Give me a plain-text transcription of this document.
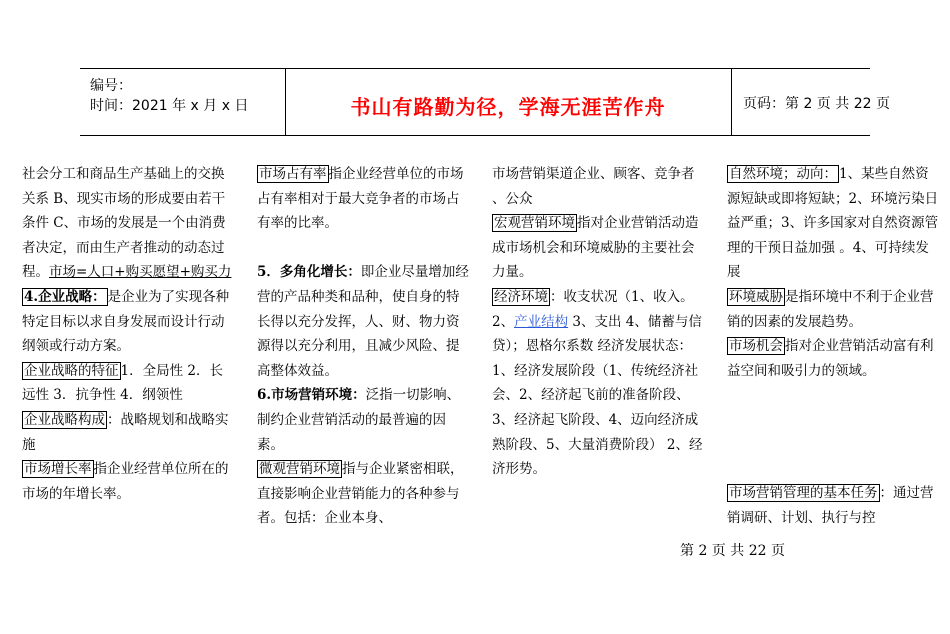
编号：
时间：2021 年 x 月 x 日	书山有路勤为径，学海无涯苦作舟	页码：第 2 页 共 22 页

社会分工和商品生产基础上的交换关系 B、现实市场的形成要由若干条件 C、市场的发展是一个由消费者决定，而由生产者推动的动态过程。市场=人口+购买愿望+购买力

4.企业战略： 是企业为了实现各种特定目标以求自身发展而设计行动纲领或行动方案。

企业战略的特征 1．全局性 2．长远性 3．抗争性 4．纲领性

企业战略构成 ：战略规划和战略实施

市场增长率 指企业经营单位所在的市场的年增长率。

市场占有率 指企业经营单位的市场占有率相对于最大竞争者的市场占有率的比率。

5．多角化增长：即企业尽量增加经营的产品种类和品种，使自身的特长得以充分发挥，人、财、物力资源得以充分利用，且减少风险、提高整体效益。

6.市场营销环境：泛指一切影响、制约企业营销活动的最普遍的因素。

微观营销环境 指与企业紧密相联，直接影响企业营销能力的各种参与者。包括：企业本身、

市场营销渠道企业、顾客、竞争者

、公众

宏观营销环境 指对企业营销活动造成市场机会和环境威胁的主要社会力量。

经济环境 ：收支状况（1、收入。 2、产业结构 3、支出 4、储蓄与信贷）；恩格尔系数 经济发展状态：1、经济发展阶段（1、传统经济社会、2、经济起飞前的准备阶段、3、经济起飞阶段、4、迈向经济成熟阶段、5、大量消费阶段） 2、经济形势。

自然环境；动向： 1、某些自然资源短缺或即将短缺；2、环境污染日益严重；3、许多国家对自然资源管理的干预日益加强 。4、可持续发展

环境威胁 是指环境中不利于企业营销的因素的发展趋势。

市场机会 指对企业营销活动富有利益空间和吸引力的领域。

市场营销管理的基本任务 ：通过营销调研、计划、执行与控

第 2 页 共 22 页
